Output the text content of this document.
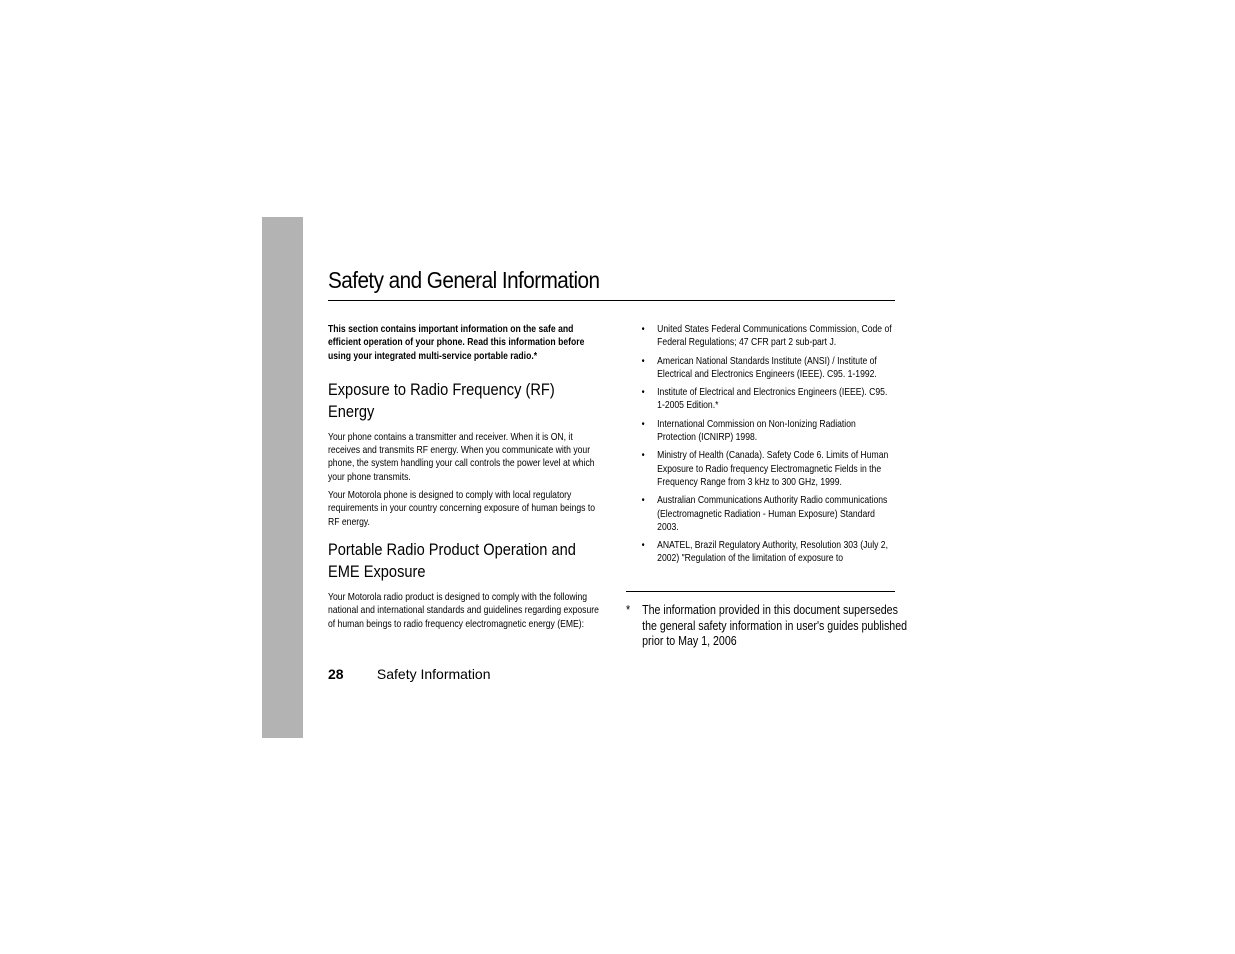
Safety and General Information
This section contains important information on the safe and efficient operation of your phone. Read this information before using your integrated multi-service portable radio.*
Exposure to Radio Frequency (RF) Energy
Your phone contains a transmitter and receiver. When it is ON, it receives and transmits RF energy. When you communicate with your phone, the system handling your call controls the power level at which your phone transmits.
Your Motorola phone is designed to comply with local regulatory requirements in your country concerning exposure of human beings to RF energy.
Portable Radio Product Operation and EME Exposure
Your Motorola radio product is designed to comply with the following national and international standards and guidelines regarding exposure of human beings to radio frequency electromagnetic energy (EME):
• United States Federal Communications Commission, Code of Federal Regulations; 47 CFR part 2 sub-part J.
• American National Standards Institute (ANSI) / Institute of Electrical and Electronics Engineers (IEEE). C95. 1-1992.
• Institute of Electrical and Electronics Engineers (IEEE). C95. 1-2005 Edition.*
• International Commission on Non-Ionizing Radiation Protection (ICNIRP) 1998.
• Ministry of Health (Canada). Safety Code 6. Limits of Human Exposure to Radio frequency Electromagnetic Fields in the Frequency Range from 3 kHz to 300 GHz, 1999.
• Australian Communications Authority Radio communications (Electromagnetic Radiation - Human Exposure) Standard 2003.
• ANATEL, Brazil Regulatory Authority, Resolution 303 (July 2, 2002) "Regulation of the limitation of exposure to
* The information provided in this document supersedes the general safety information in user's guides published prior to May 1, 2006
28 Safety Information
